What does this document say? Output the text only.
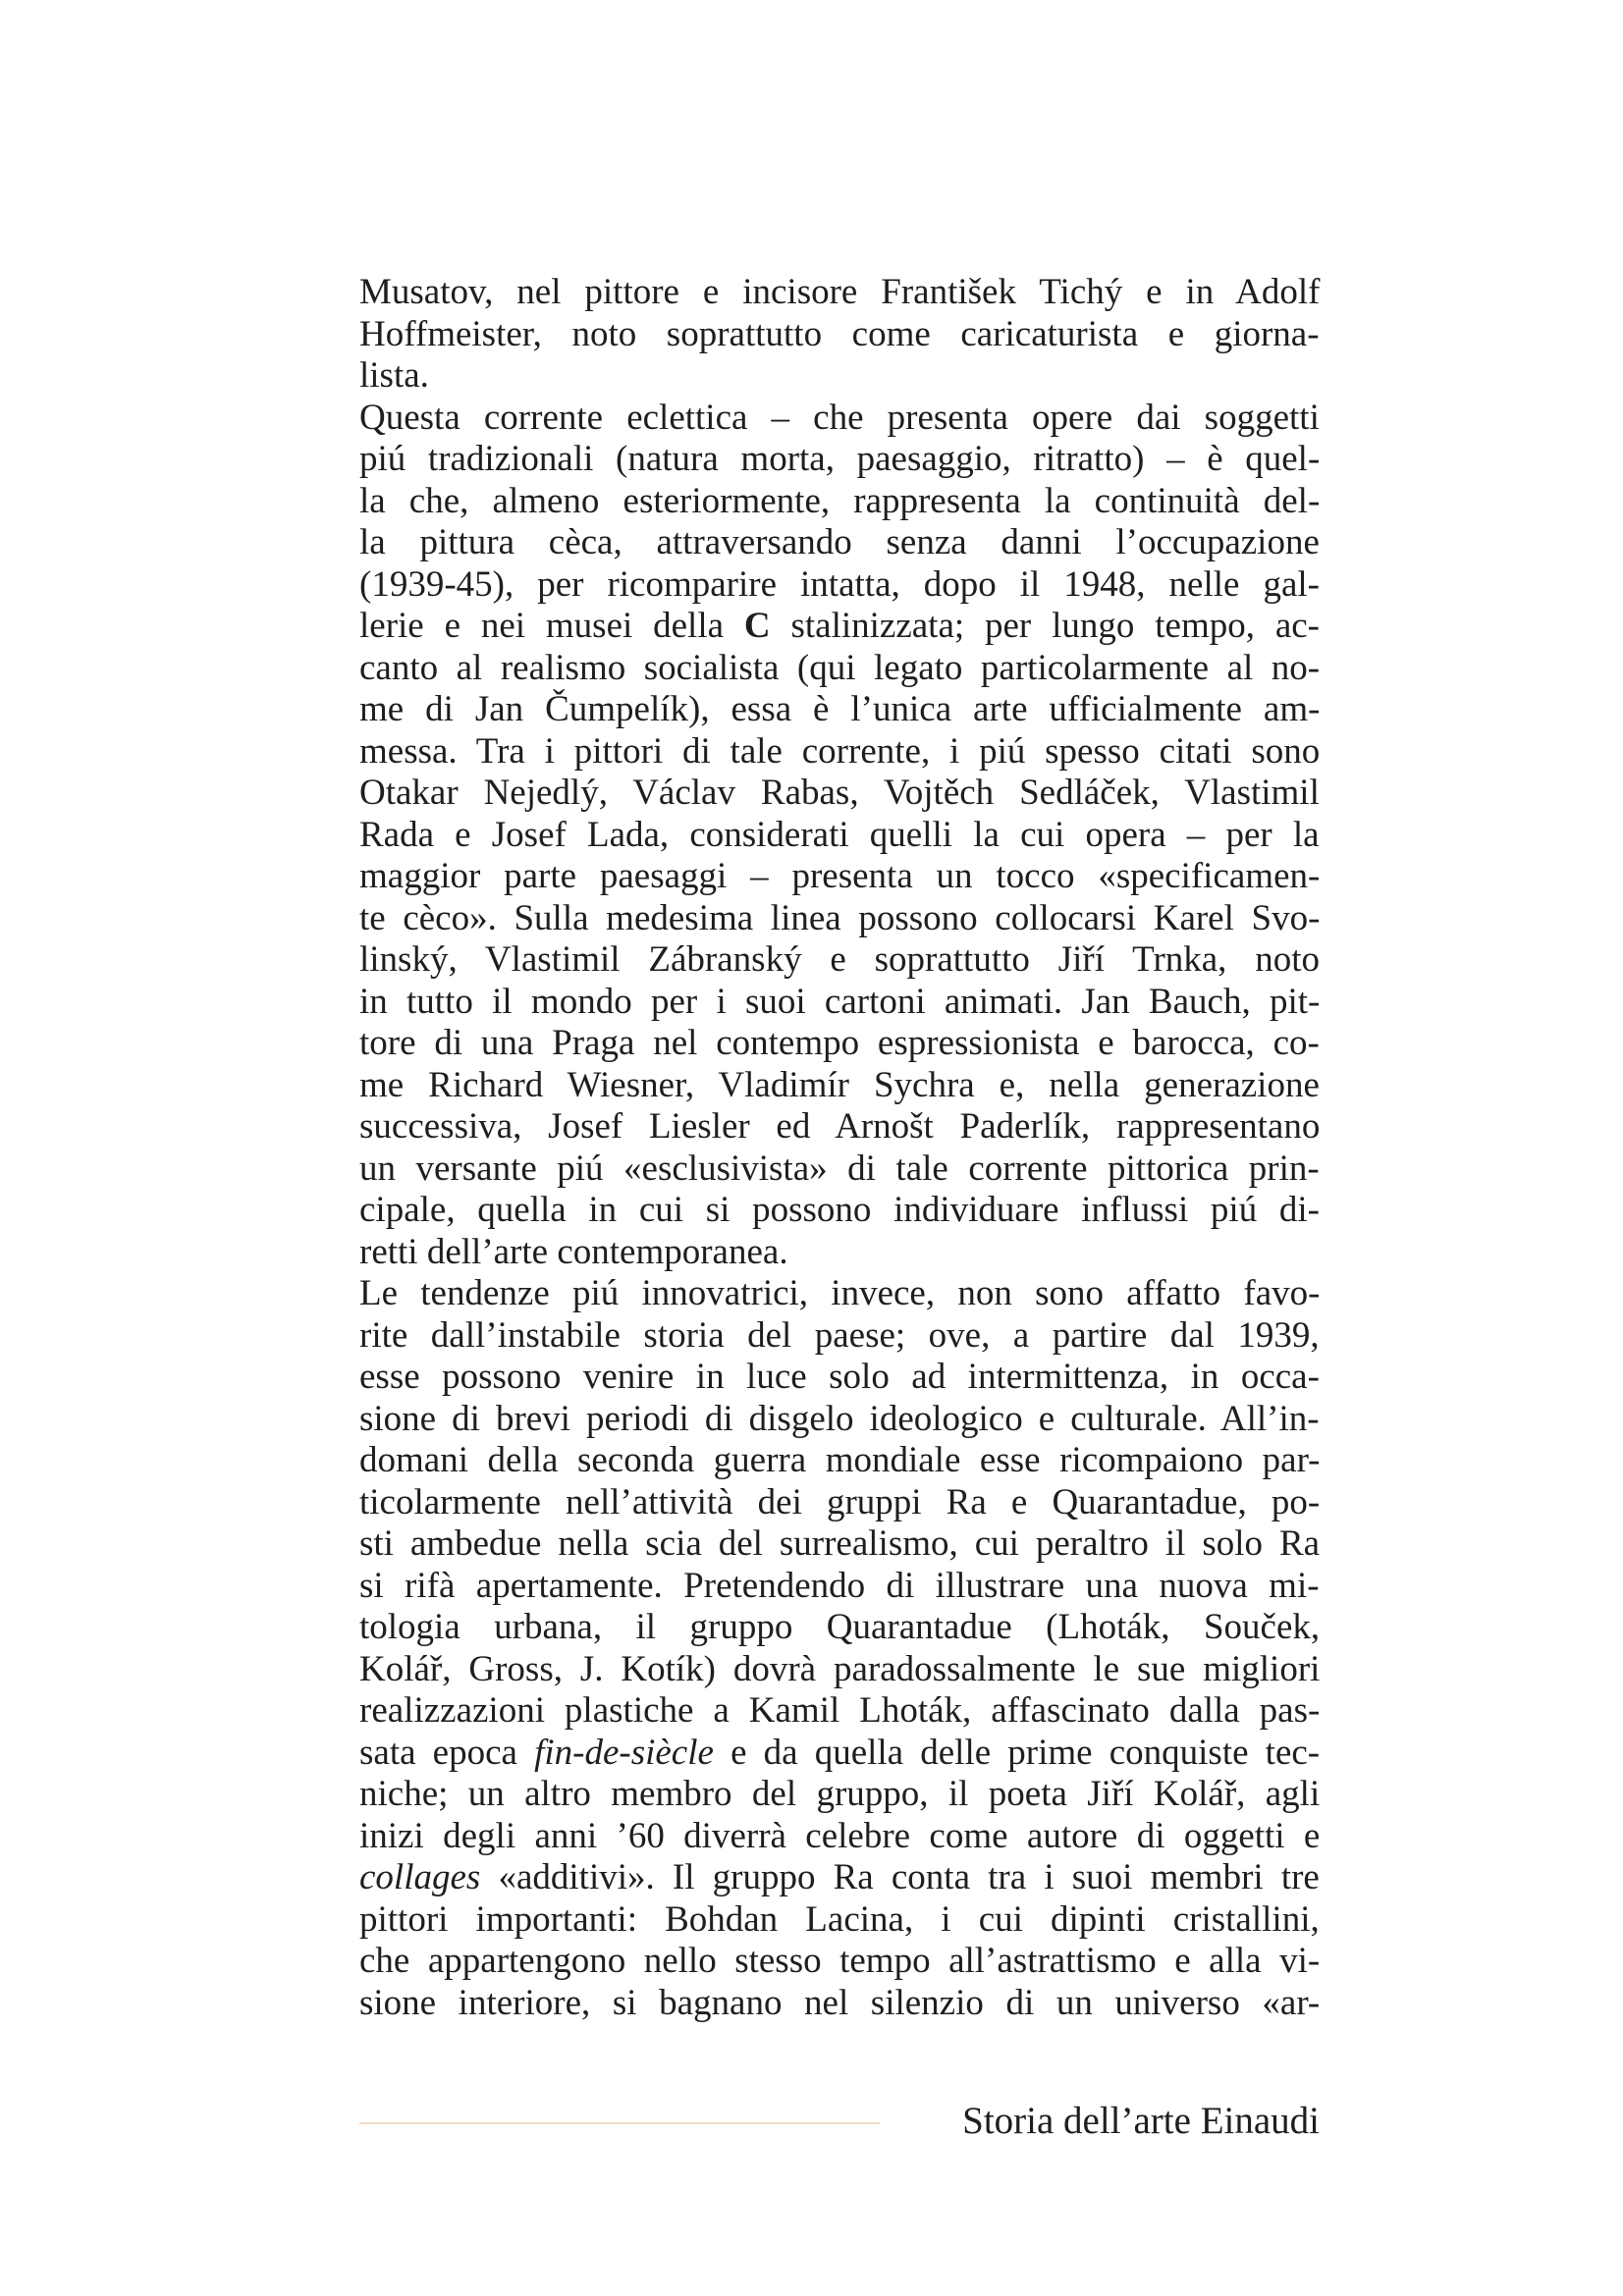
Musatov, nel pittore e incisore František Tichý e in Adolf
Hoffmeister, noto soprattutto come caricaturista e giorna-
lista.
Questa corrente eclettica – che presenta opere dai soggetti
piú tradizionali (natura morta, paesaggio, ritratto) – è quel-
la che, almeno esteriormente, rappresenta la continuità del-
la pittura cèca, attraversando senza danni l’occupazione
(1939-45), per ricomparire intatta, dopo il 1948, nelle gal-
lerie e nei musei della C stalinizzata; per lungo tempo, ac-
canto al realismo socialista (qui legato particolarmente al no-
me di Jan Čumpelík), essa è l’unica arte ufficialmente am-
messa. Tra i pittori di tale corrente, i piú spesso citati sono
Otakar Nejedlý, Václav Rabas, Vojtěch Sedláček, Vlastimil
Rada e Josef Lada, considerati quelli la cui opera – per la
maggior parte paesaggi – presenta un tocco «specificamen-
te cèco». Sulla medesima linea possono collocarsi Karel Svo-
linský, Vlastimil Zábranský e soprattutto Jiří Trnka, noto
in tutto il mondo per i suoi cartoni animati. Jan Bauch, pit-
tore di una Praga nel contempo espressionista e barocca, co-
me Richard Wiesner, Vladimír Sychra e, nella generazione
successiva, Josef Liesler ed Arnošt Paderlík, rappresentano
un versante piú «esclusivista» di tale corrente pittorica prin-
cipale, quella in cui si possono individuare influssi piú di-
retti dell’arte contemporanea.
Le tendenze piú innovatrici, invece, non sono affatto favo-
rite dall’instabile storia del paese; ove, a partire dal 1939,
esse possono venire in luce solo ad intermittenza, in occa-
sione di brevi periodi di disgelo ideologico e culturale. All’in-
domani della seconda guerra mondiale esse ricompaiono par-
ticolarmente nell’attività dei gruppi Ra e Quarantadue, po-
sti ambedue nella scia del surrealismo, cui peraltro il solo Ra
si rifà apertamente. Pretendendo di illustrare una nuova mi-
tologia urbana, il gruppo Quarantadue (Lhoták, Souček,
Kolář, Gross, J. Kotík) dovrà paradossalmente le sue migliori
realizzazioni plastiche a Kamil Lhoták, affascinato dalla pas-
sata epoca fin-de-siècle e da quella delle prime conquiste tec-
niche; un altro membro del gruppo, il poeta Jiří Kolář, agli
inizi degli anni ’60 diverrà celebre come autore di oggetti e
collages «additivi». Il gruppo Ra conta tra i suoi membri tre
pittori importanti: Bohdan Lacina, i cui dipinti cristallini,
che appartengono nello stesso tempo all’astrattismo e alla vi-
sione interiore, si bagnano nel silenzio di un universo «ar-
Storia dell’arte Einaudi
